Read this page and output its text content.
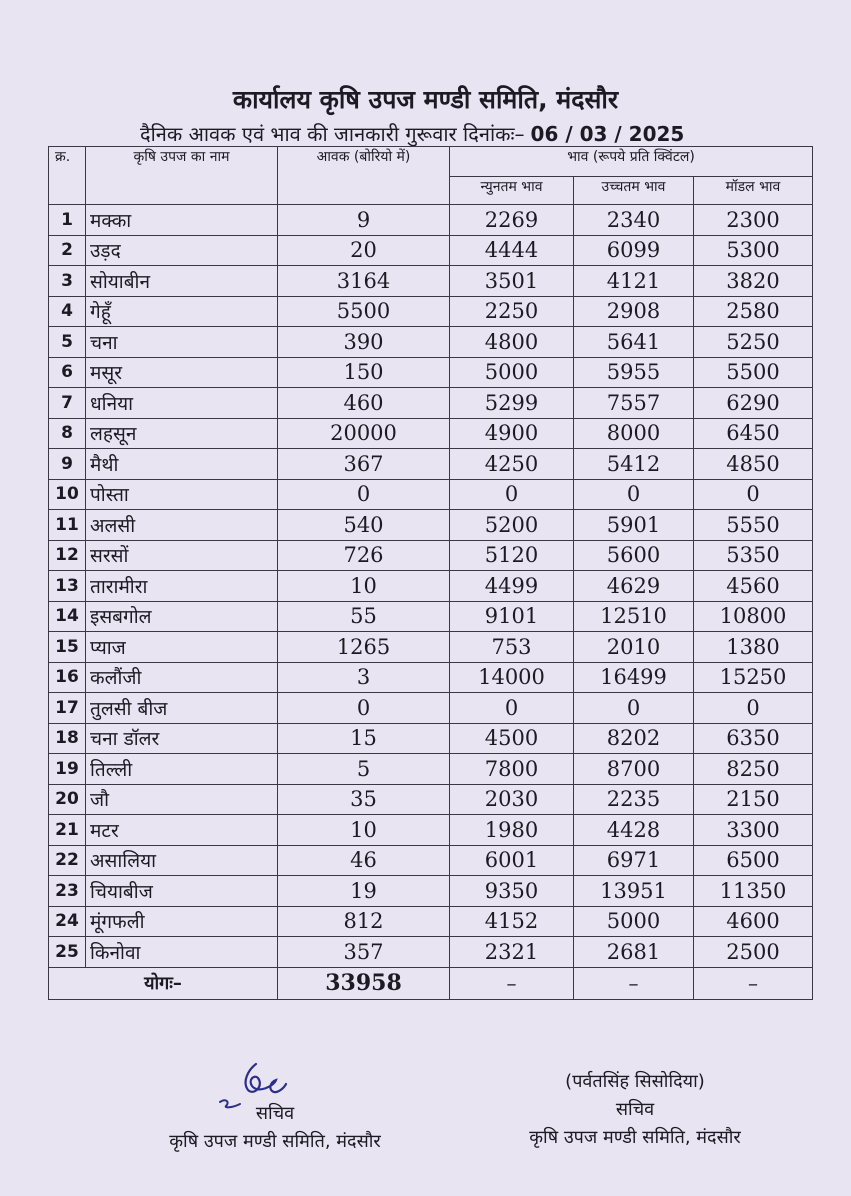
कार्यालय कृषि उपज मण्डी समिति, मंदसौर
दैनिक आवक एवं भाव की जानकारी गुरूवार दिनांकः– 06 / 03 / 2025
क्र.	कृषि उपज का नाम	आवक (बोरियो में)	भाव (रूपये प्रति क्विंटल)		
			न्युनतम भाव	उच्चतम भाव	मॉडल भाव
1	मक्का	9	2269	2340	2300
2	उड़द	20	4444	6099	5300
3	सोयाबीन	3164	3501	4121	3820
4	गेहूँ	5500	2250	2908	2580
5	चना	390	4800	5641	5250
6	मसूर	150	5000	5955	5500
7	धनिया	460	5299	7557	6290
8	लहसून	20000	4900	8000	6450
9	मैथी	367	4250	5412	4850
10	पोस्ता	0	0	0	0
11	अलसी	540	5200	5901	5550
12	सरसों	726	5120	5600	5350
13	तारामीरा	10	4499	4629	4560
14	इसबगोल	55	9101	12510	10800
15	प्याज	1265	753	2010	1380
16	कलौंजी	3	14000	16499	15250
17	तुलसी बीज	0	0	0	0
18	चना डॉलर	15	4500	8202	6350
19	तिल्ली	5	7800	8700	8250
20	जौ	35	2030	2235	2150
21	मटर	10	1980	4428	3300
22	असालिया	46	6001	6971	6500
23	चियाबीज	19	9350	13951	11350
24	मूंगफली	812	4152	5000	4600
25	किनोवा	357	2321	2681	2500
योगः–		33958	–	–	–
सचिव
कृषि उपज मण्डी समिति, मंदसौर
(पर्वतसिंह सिसोदिया)
सचिव
कृषि उपज मण्डी समिति, मंदसौर
